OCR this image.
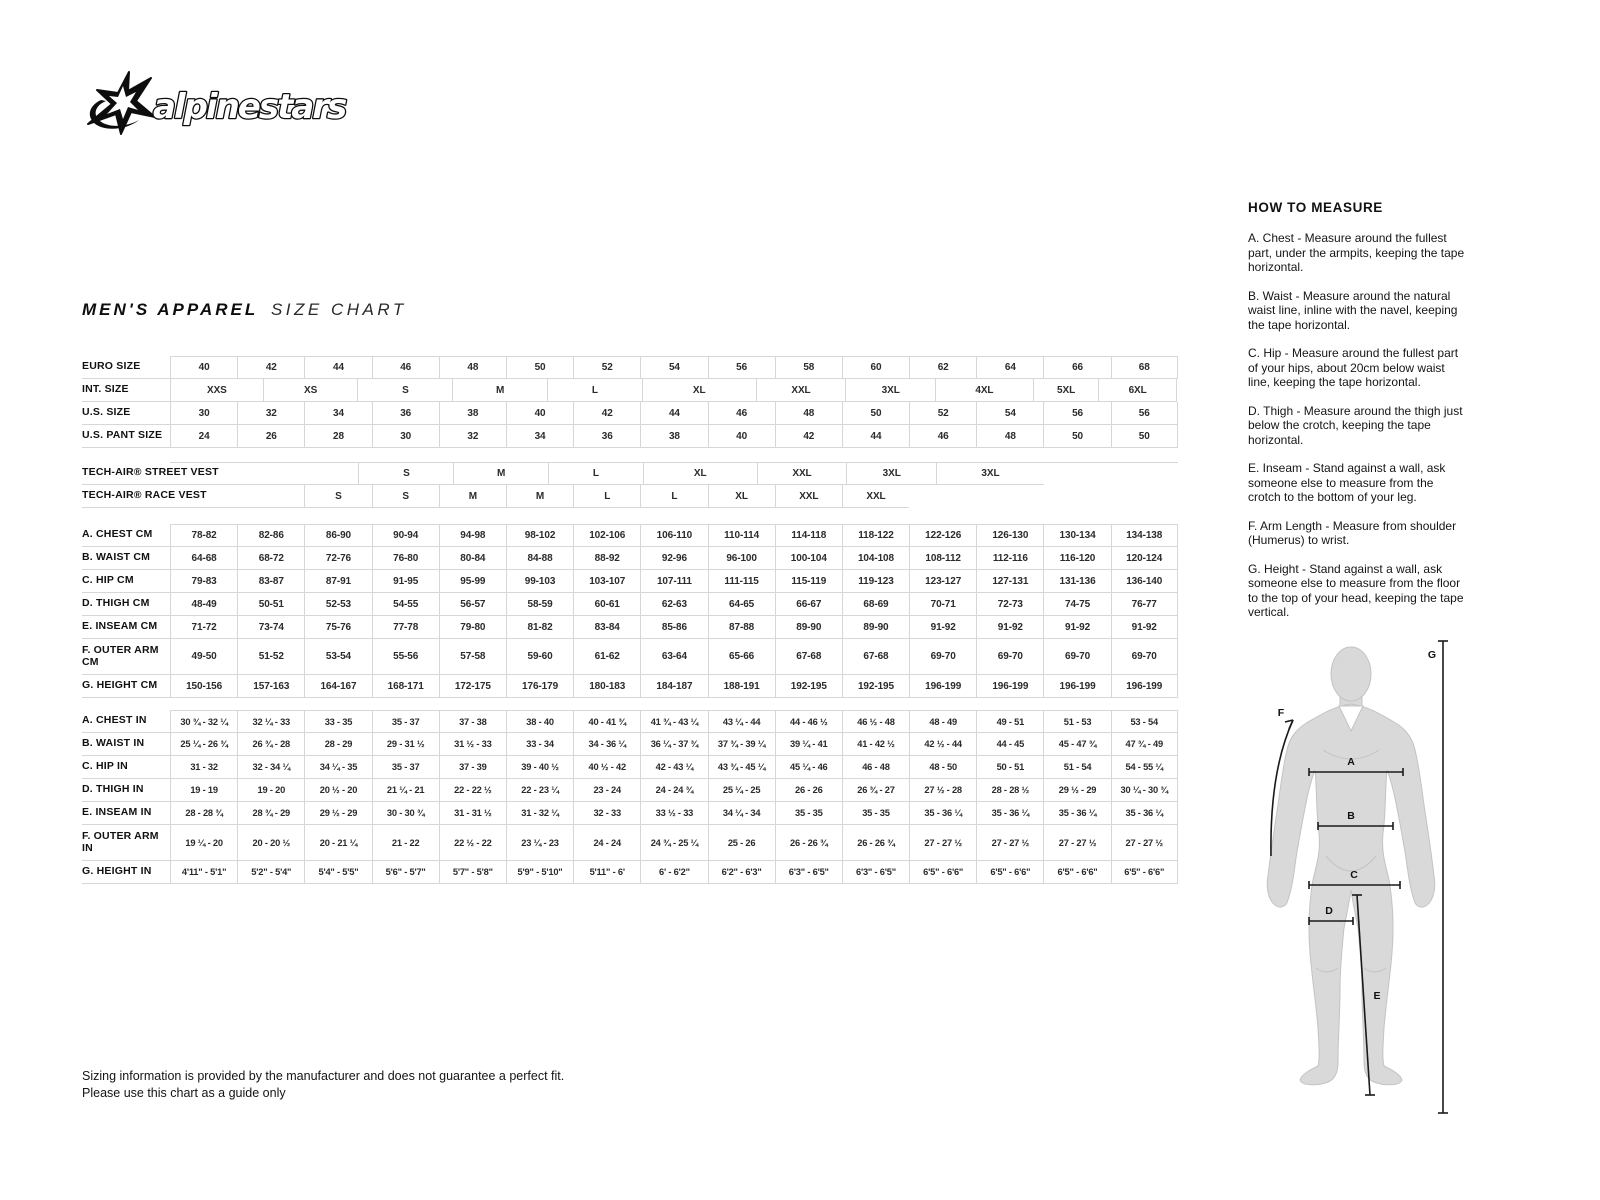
alpinestars
MEN'S APPAREL SIZE CHART
EURO SIZE	40	42	44	46	48	50	52	54	56	58	60	62	64	66	68
INT. SIZE	XXS	XS	S	M	L	XL	XXL	3XL	4XL	5XL	6XL
U.S. SIZE	30	32	34	36	38	40	42	44	46	48	50	52	54	56	56
U.S. PANT SIZE	24	26	28	30	32	34	36	38	40	42	44	46	48	50	50
TECH-AIR® STREET VEST	S	M	L	XL	XXL	3XL	3XL
TECH-AIR® RACE VEST	S	S	M	M	L	L	XL	XXL	XXL
A. CHEST CM	78-82	82-86	86-90	90-94	94-98	98-102	102-106	106-110	110-114	114-118	118-122	122-126	126-130	130-134	134-138
B. WAIST CM	64-68	68-72	72-76	76-80	80-84	84-88	88-92	92-96	96-100	100-104	104-108	108-112	112-116	116-120	120-124
C. HIP CM	79-83	83-87	87-91	91-95	95-99	99-103	103-107	107-111	111-115	115-119	119-123	123-127	127-131	131-136	136-140
D. THIGH CM	48-49	50-51	52-53	54-55	56-57	58-59	60-61	62-63	64-65	66-67	68-69	70-71	72-73	74-75	76-77
E. INSEAM CM	71-72	73-74	75-76	77-78	79-80	81-82	83-84	85-86	87-88	89-90	89-90	91-92	91-92	91-92	91-92
F. OUTER ARM
CM	49-50	51-52	53-54	55-56	57-58	59-60	61-62	63-64	65-66	67-68	67-68	69-70	69-70	69-70	69-70
G. HEIGHT CM	150-156	157-163	164-167	168-171	172-175	176-179	180-183	184-187	188-191	192-195	192-195	196-199	196-199	196-199	196-199
A. CHEST IN	30 ¾ - 32 ¼	32 ¼ - 33	33 - 35	35 - 37	37 - 38	38 - 40	40 - 41 ¾	41 ¾ - 43 ¼	43 ¼ - 44	44 - 46 ½	46 ½ - 48	48 - 49	49 - 51	51 - 53	53 - 54
B. WAIST IN	25 ¼ - 26 ¾	26 ¾ - 28	28 - 29	29 - 31 ½	31 ½ - 33	33 - 34	34 - 36 ¼	36 ¼ - 37 ¾	37 ¾ - 39 ¼	39 ¼ - 41	41 - 42 ½	42 ½ - 44	44 - 45	45 - 47 ¾	47 ¾ - 49
C. HIP IN	31 - 32	32 - 34 ¼	34 ¼ - 35	35 - 37	37 - 39	39 - 40 ½	40 ½ - 42	42 - 43 ¼	43 ¾ - 45 ¼	45 ¼ - 46	46 - 48	48 - 50	50 - 51	51 - 54	54 - 55 ¼
D. THIGH IN	19 - 19	19 - 20	20 ½ - 20	21 ¼ - 21	22 - 22 ½	22 - 23 ¼	23 - 24	24 - 24 ¾	25 ¼ - 25	26 - 26	26 ¾ - 27	27 ½ - 28	28 - 28 ½	29 ½ - 29	30 ¼ - 30 ¾
E. INSEAM IN	28 - 28 ¾	28 ¾ - 29	29 ½ - 29	30 - 30 ¾	31 - 31 ½	31 - 32 ¼	32 - 33	33 ½ - 33	34 ¼ - 34	35 - 35	35 - 35	35 - 36 ¼	35 - 36 ¼	35 - 36 ¼	35 - 36 ¼
F. OUTER ARM
IN	19 ¼ - 20	20 - 20 ½	20 - 21 ¼	21 - 22	22 ½ - 22	23 ¼ - 23	24 - 24	24 ¾ - 25 ¼	25 - 26	26 - 26 ¾	26 - 26 ¾	27 - 27 ½	27 - 27 ½	27 - 27 ½	27 - 27 ½
G. HEIGHT IN	4'11" - 5'1"	5'2" - 5'4"	5'4" - 5'5"	5'6" - 5'7"	5'7" - 5'8"	5'9" - 5'10"	5'11" - 6'	6' - 6'2"	6'2" - 6'3"	6'3" - 6'5"	6'3" - 6'5"	6'5" - 6'6"	6'5" - 6'6"	6'5" - 6'6"	6'5" - 6'6"
HOW TO MEASURE

A. Chest - Measure around the fullest part, under the armpits, keeping the tape horizontal.

B. Waist - Measure around the natural waist line, inline with the navel, keeping the tape horizontal.

C. Hip - Measure around the fullest part of your hips, about 20cm below waist line, keeping the tape horizontal.

D. Thigh - Measure around the thigh just below the crotch, keeping the tape horizontal.

E. Inseam - Stand against a wall, ask someone else to measure from the crotch to the bottom of your leg.

F. Arm Length - Measure from shoulder (Humerus) to wrist.

G. Height - Stand against a wall, ask someone else to measure from the floor to the top of your head, keeping the tape vertical.

A
B
C
D
E
F
G
Sizing information is provided by the manufacturer and does not guarantee a perfect fit.
Please use this chart as a guide only
